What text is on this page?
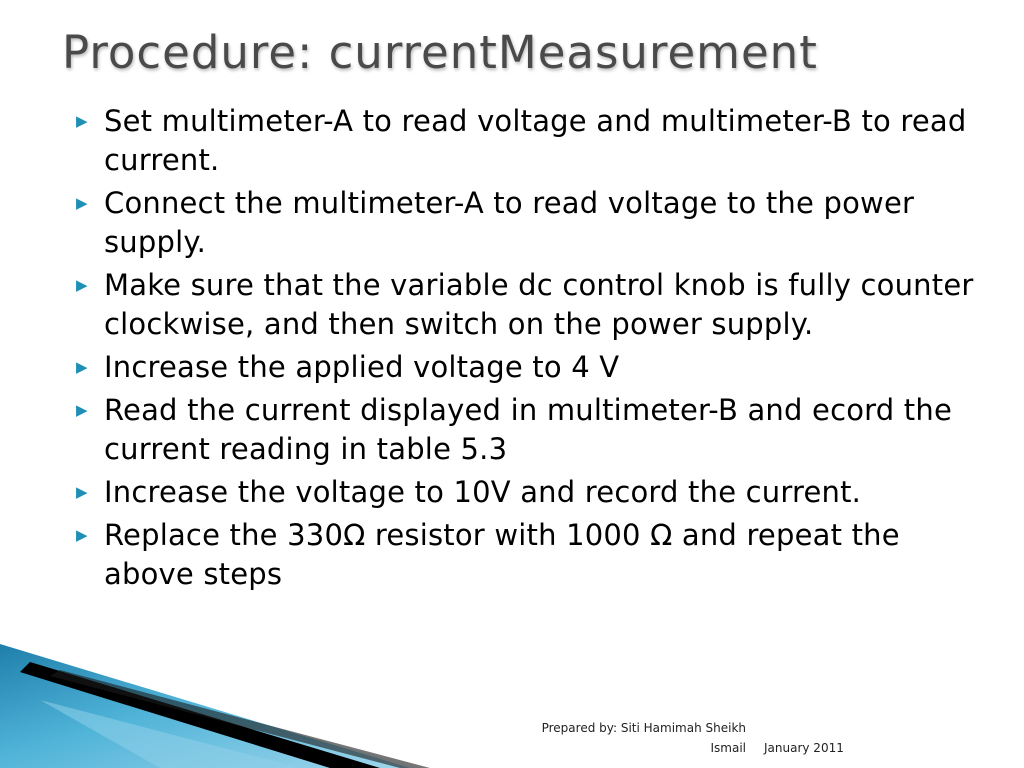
Procedure: currentMeasurement
▶ Set multimeter-A to read voltage and multimeter-B to read current.
▶ Connect the multimeter-A to read voltage to the power supply.
▶ Make sure that the variable dc control knob is fully counter clockwise, and then switch on the power supply.
▶ Increase the applied voltage to 4 V
▶ Read the current displayed in multimeter-B and ecord the current reading in table 5.3
▶ Increase the voltage to 10V and record the current.
▶ Replace the 330Ω resistor with 1000 Ω and repeat the above steps
Prepared by: Siti Hamimah Sheikh Ismail January 2011
